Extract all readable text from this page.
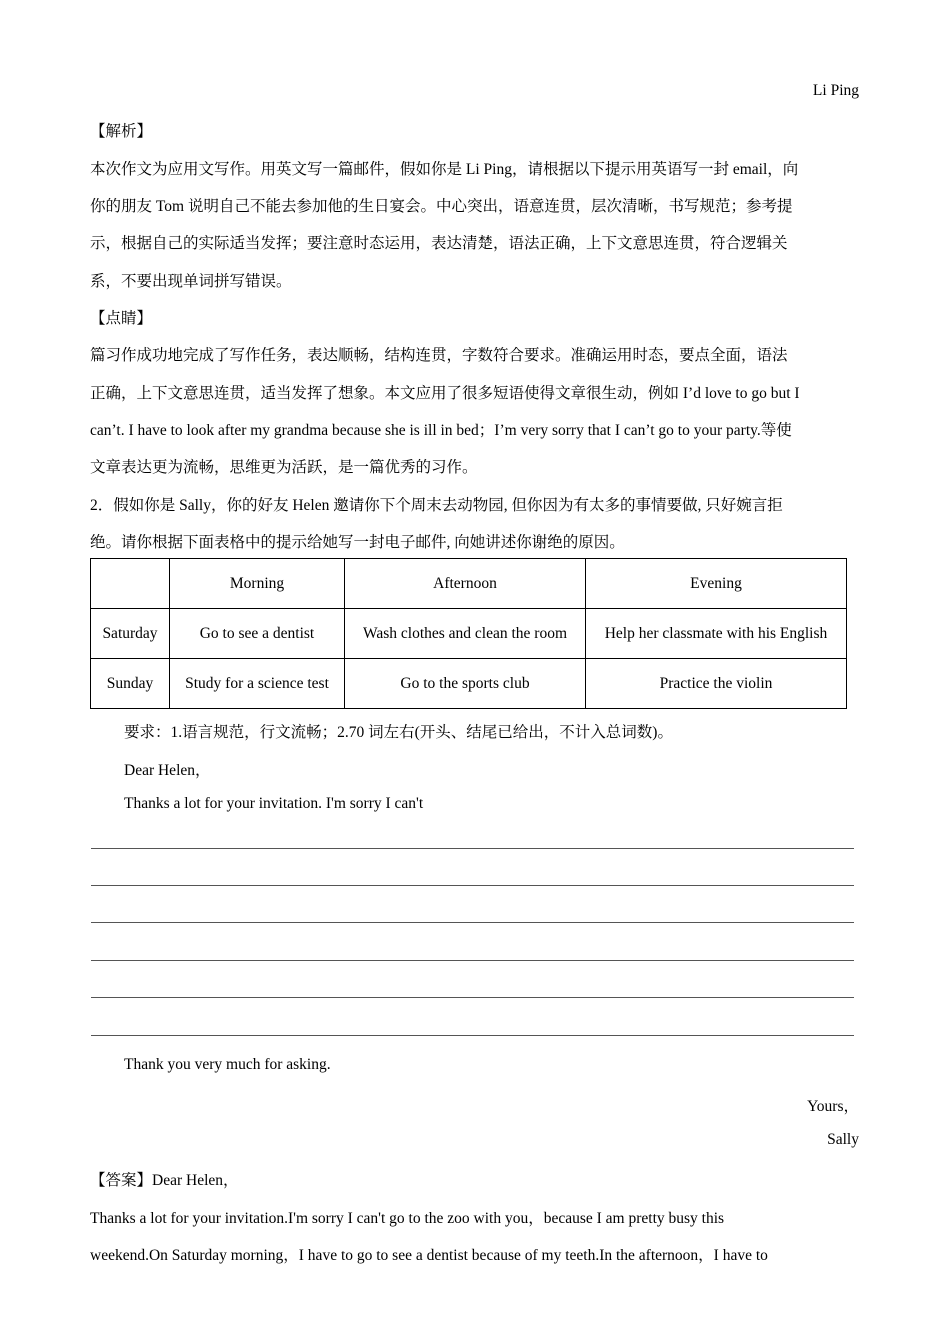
Li Ping
【解析】
本次作文为应用文写作。用英文写一篇邮件，假如你是 Li Ping，请根据以下提示用英语写一封 email，向
你的朋友 Tom 说明自己不能去参加他的生日宴会。中心突出，语意连贯，层次清晰，书写规范；参考提
示，根据自己的实际适当发挥；要注意时态运用，表达清楚，语法正确，上下文意思连贯，符合逻辑关
系，不要出现单词拼写错误。
【点睛】
篇习作成功地完成了写作任务，表达顺畅，结构连贯，字数符合要求。准确运用时态，要点全面，语法
正确，上下文意思连贯，适当发挥了想象。本文应用了很多短语使得文章很生动，例如 I’d love to go but I
can’t. I have to look after my grandma because she is ill in bed；I’m very sorry that I can’t go to your party.等使
文章表达更为流畅，思维更为活跃，是一篇优秀的习作。
2．假如你是 Sally，你的好友 Helen 邀请你下个周末去动物园, 但你因为有太多的事情要做, 只好婉言拒
绝。请你根据下面表格中的提示给她写一封电子邮件, 向她讲述你谢绝的原因。
	Morning	Afternoon	Evening
Saturday	Go to see a dentist	Wash clothes and clean the room	Help her classmate with his English
Sunday	Study for a science test	Go to the sports club	Practice the violin
要求：1.语言规范，行文流畅；2.70 词左右(开头、结尾已给出，不计入总词数)。
Dear Helen，
Thanks a lot for your invitation. I'm sorry I can't
Thank you very much for asking.
Yours，
Sally
【答案】Dear Helen，
Thanks a lot for your invitation.I'm sorry I can't go to the zoo with you，because I am pretty busy this
weekend.On Saturday morning，I have to go to see a dentist because of my teeth.In the afternoon，I have to
